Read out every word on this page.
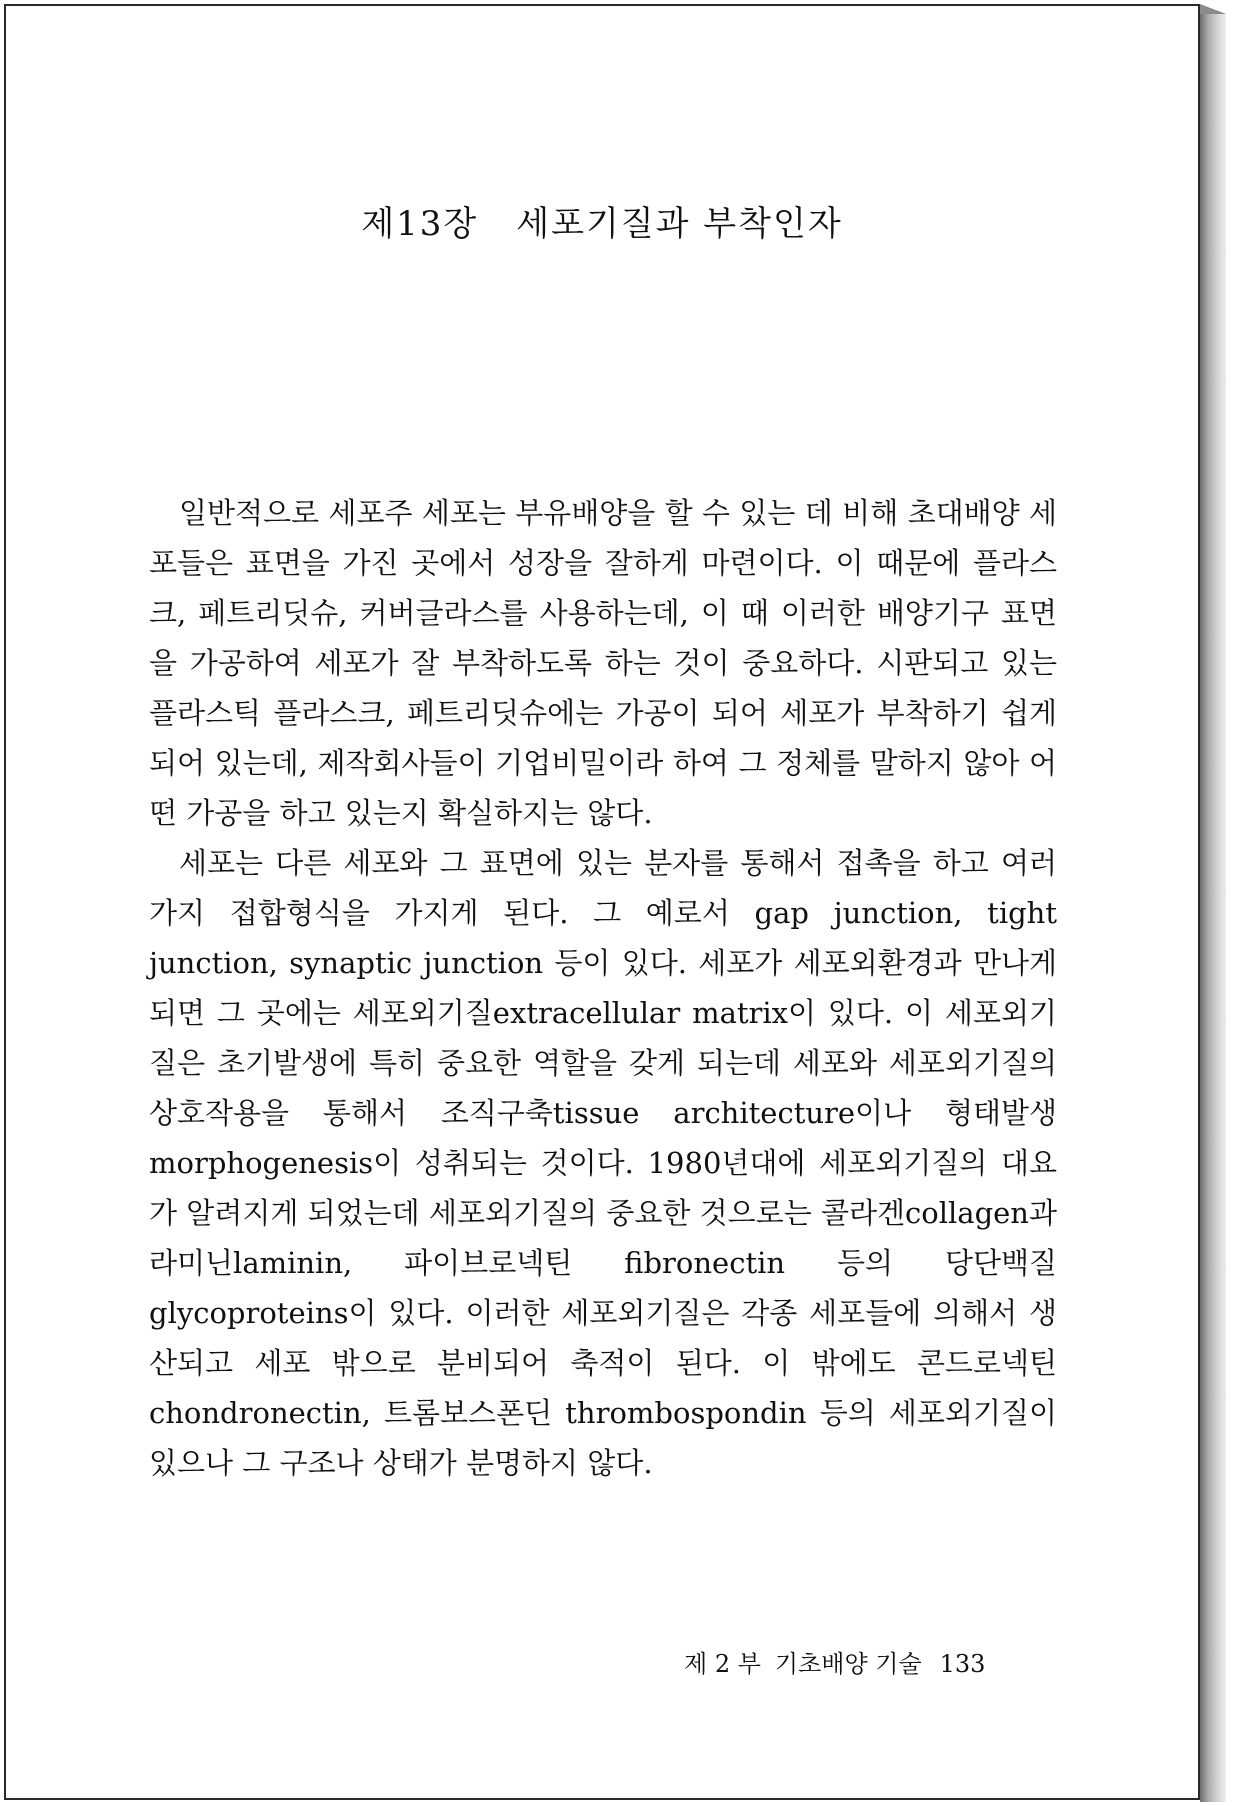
제13장 세포기질과 부착인자

일반적으로 세포주 세포는 부유배양을 할 수 있는 데 비해 초대배양 세포들은 표면을 가진 곳에서 성장을 잘하게 마련이다. 이 때문에 플라스크, 페트리딧슈, 커버글라스를 사용하는데, 이 때 이러한 배양기구 표면을 가공하여 세포가 잘 부착하도록 하는 것이 중요하다. 시판되고 있는 플라스틱 플라스크, 페트리딧슈에는 가공이 되어 세포가 부착하기 쉽게 되어 있는데, 제작회사들이 기업비밀이라 하여 그 정체를 말하지 않아 어떤 가공을 하고 있는지 확실하지는 않다.

세포는 다른 세포와 그 표면에 있는 분자를 통해서 접촉을 하고 여러 가지 접합형식을 가지게 된다. 그 예로서 gap junction, tight junction, synaptic junction 등이 있다. 세포가 세포외환경과 만나게 되면 그 곳에는 세포외기질extracellular matrix이 있다. 이 세포외기질은 초기발생에 특히 중요한 역할을 갖게 되는데 세포와 세포외기질의 상호작용을 통해서 조직구축tissue architecture이나 형태발생morphogenesis이 성취되는 것이다. 1980년대에 세포외기질의 대요가 알려지게 되었는데 세포외기질의 중요한 것으로는 콜라겐collagen과 라미닌laminin, 파이브로넥틴 fibronectin 등의 당단백질glycoproteins이 있다. 이러한 세포외기질은 각종 세포들에 의해서 생산되고 세포 밖으로 분비되어 축적이 된다. 이 밖에도 콘드로넥틴chondronectin, 트롬보스폰딘 thrombospondin 등의 세포외기질이 있으나 그 구조나 상태가 분명하지 않다.

제 2 부 기초배양 기술 133
